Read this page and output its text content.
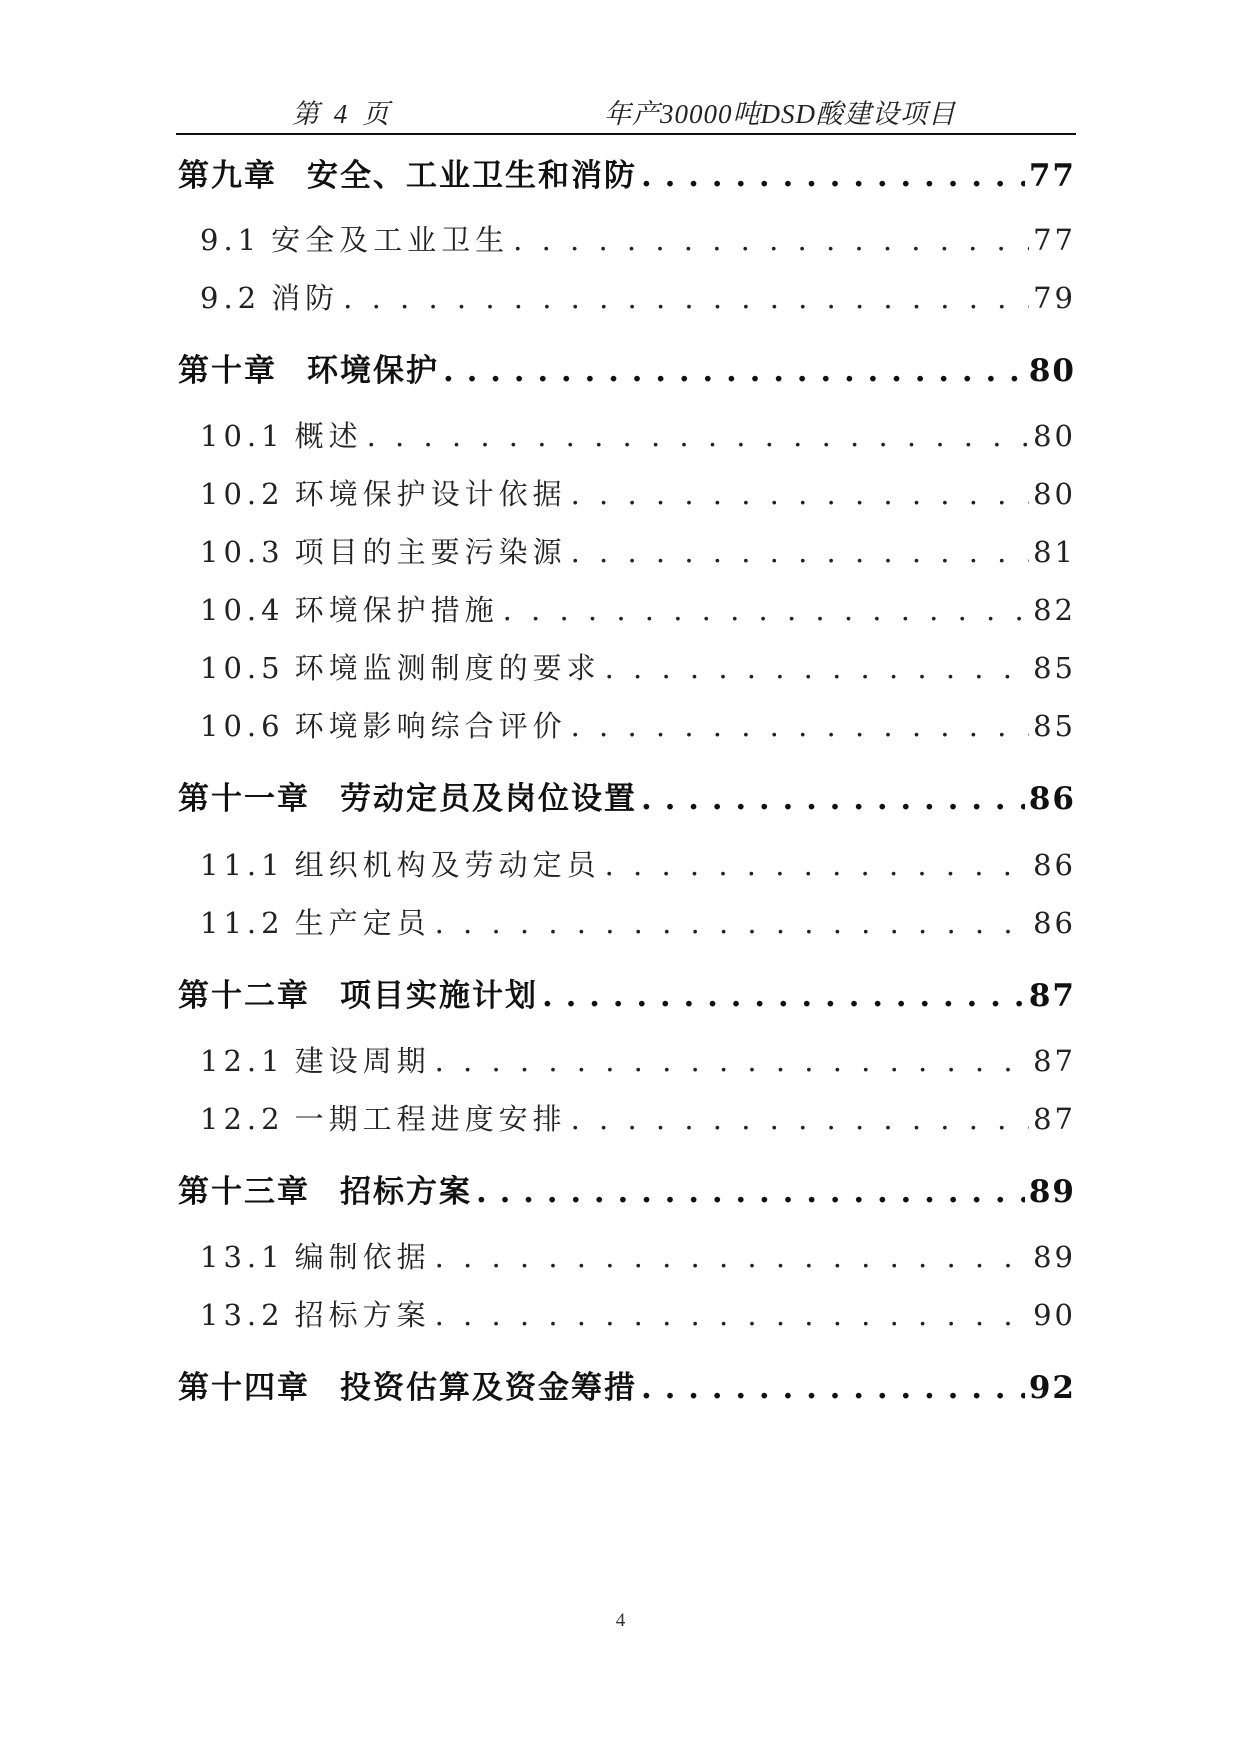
第 4 页	年产30000吨DSD酸建设项目
第九章 安全、工业卫生和消防 . . .	77
9.1 安全及工业卫生 . . .	77
9.2 消防 . . .	79
第十章 环境保护 . . .	80
10.1 概述 . . .	80
10.2 环境保护设计依据 . . .	80
10.3 项目的主要污染源 . . .	81
10.4 环境保护措施 . . .	82
10.5 环境监测制度的要求 . . .	85
10.6 环境影响综合评价 . . .	85
第十一章 劳动定员及岗位设置 . . .	86
11.1 组织机构及劳动定员 . . .	86
11.2 生产定员 . . .	86
第十二章 项目实施计划 . . .	87
12.1 建设周期 . . .	87
12.2 一期工程进度安排 . . .	87
第十三章 招标方案 . . .	89
13.1 编制依据 . . .	89
13.2 招标方案 . . .	90
第十四章 投资估算及资金筹措 . . .	92
4
